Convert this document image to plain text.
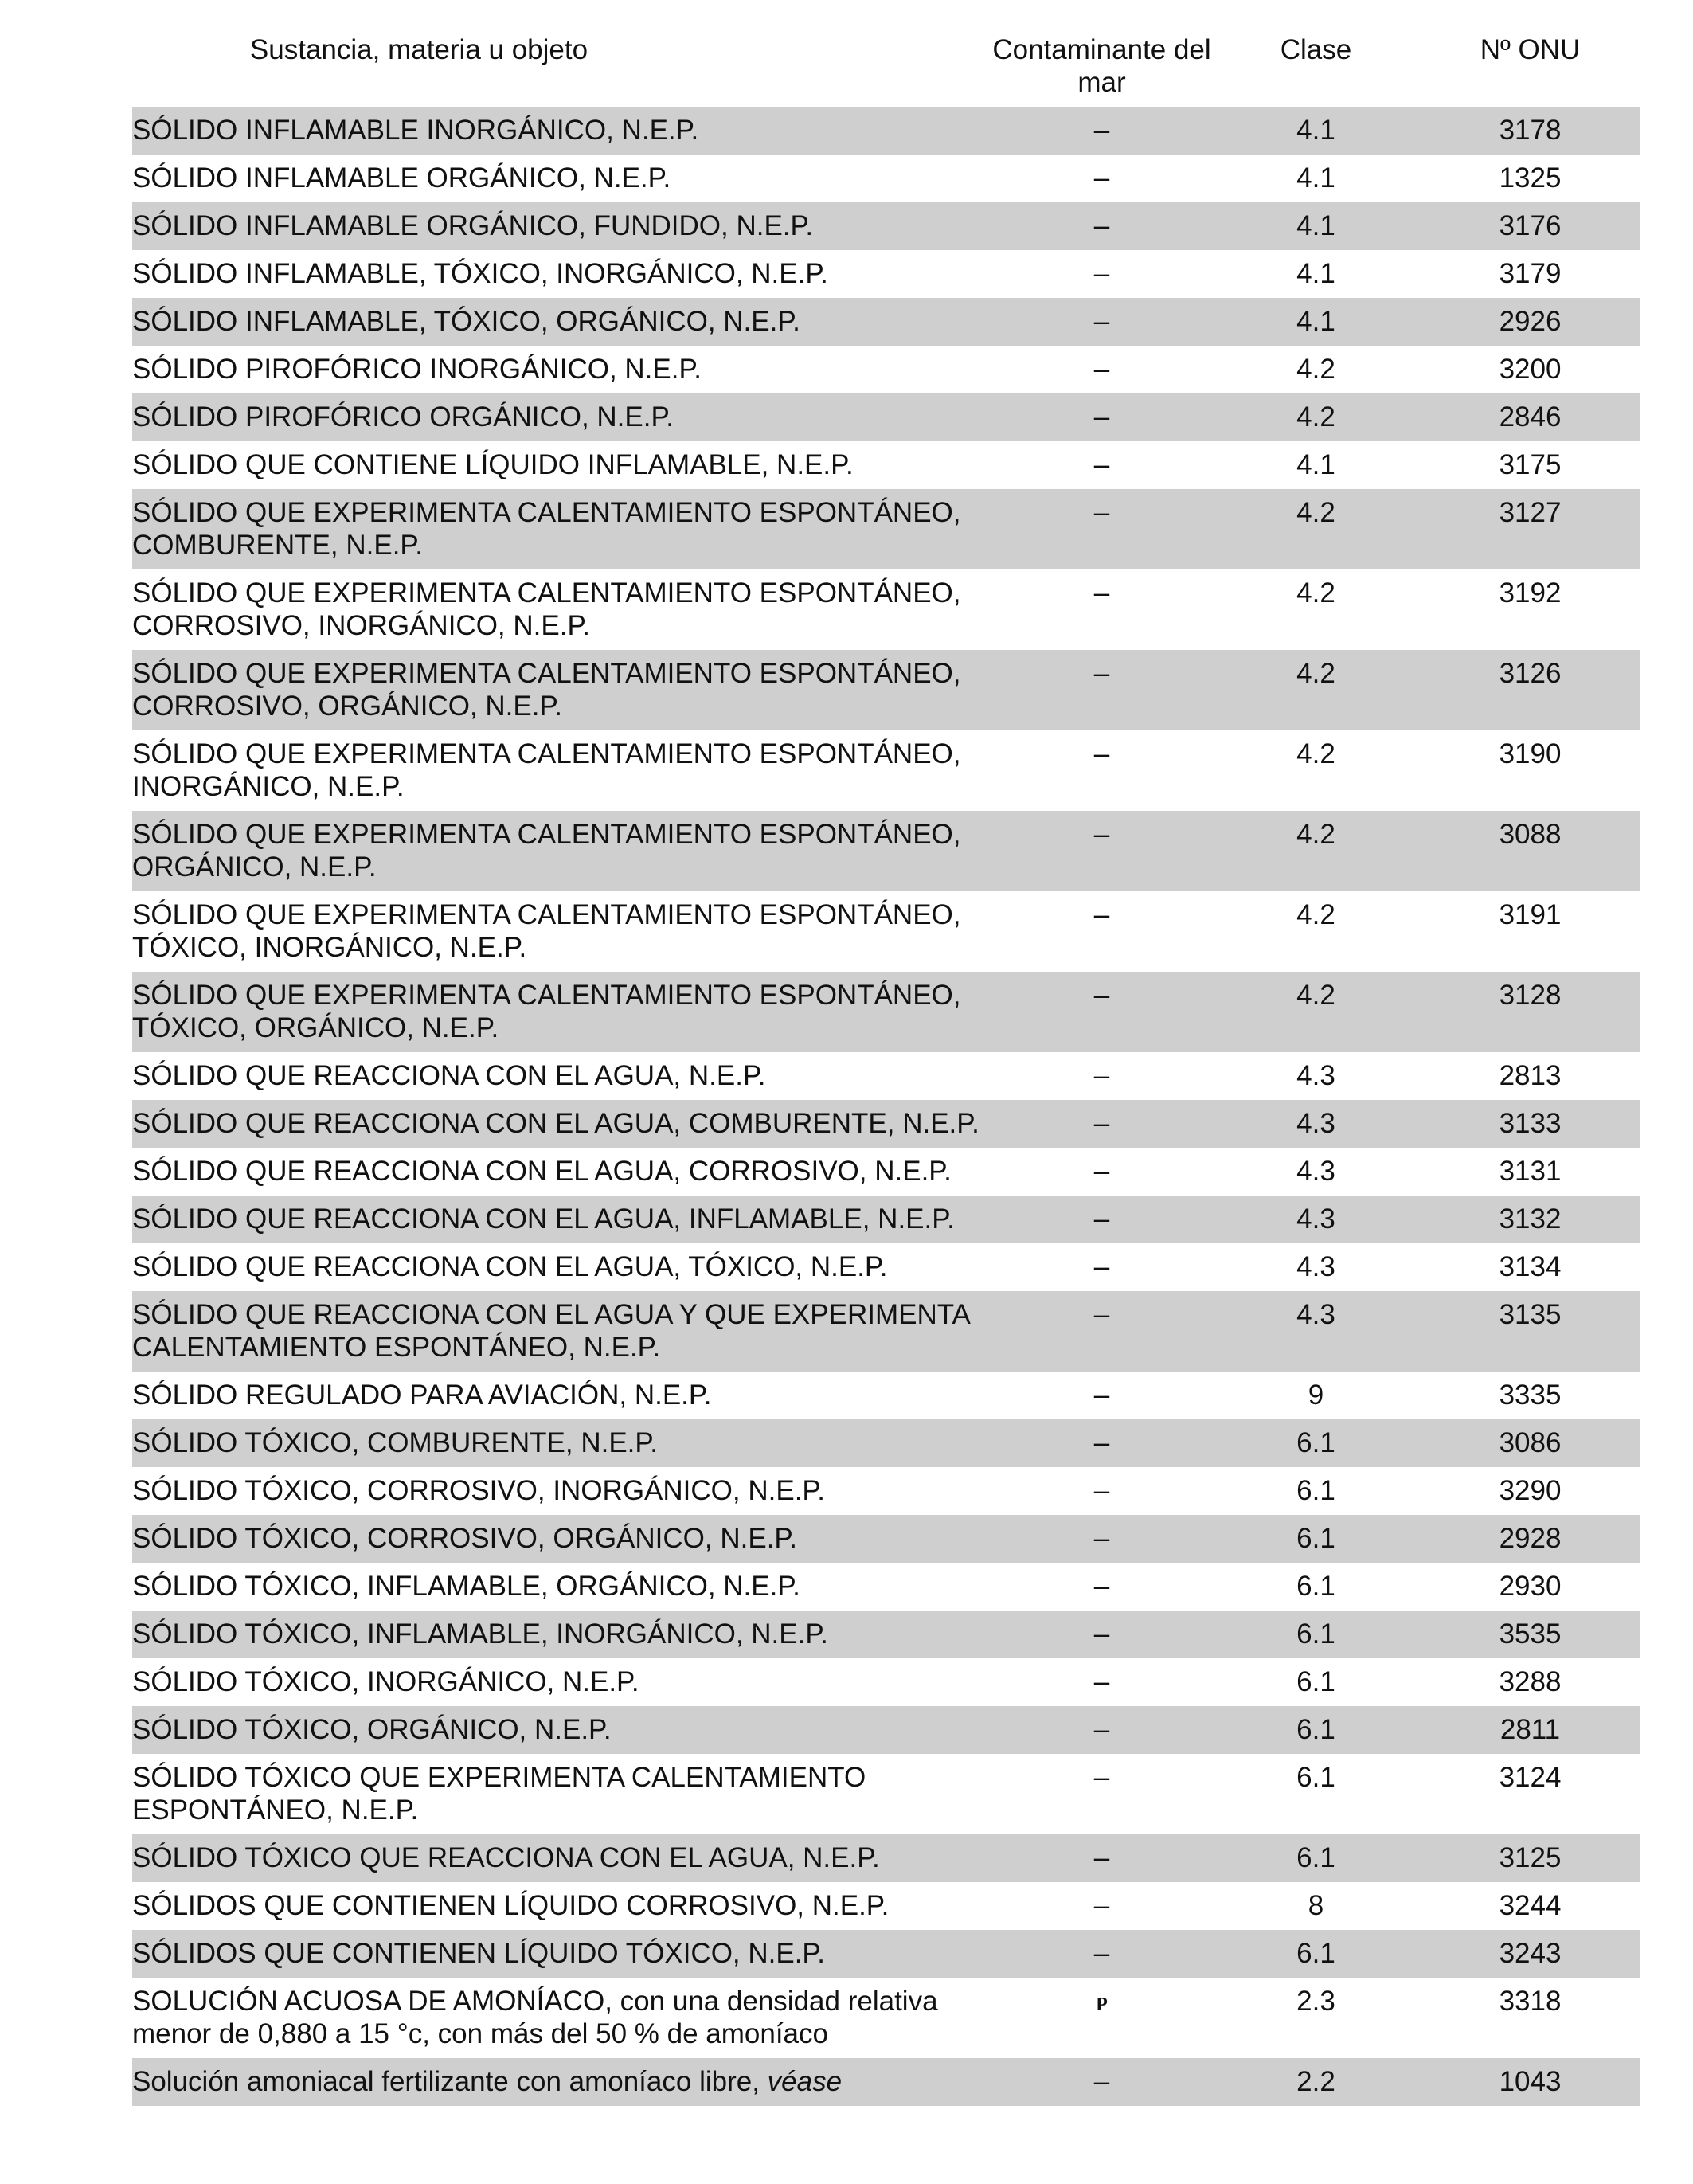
Sustancia, materia u objeto	Contaminante del mar	Clase	Nº ONU
SÓLIDO INFLAMABLE INORGÁNICO, N.E.P.	–	4.1	3178
SÓLIDO INFLAMABLE ORGÁNICO, N.E.P.	–	4.1	1325
SÓLIDO INFLAMABLE ORGÁNICO, FUNDIDO, N.E.P.	–	4.1	3176
SÓLIDO INFLAMABLE, TÓXICO, INORGÁNICO, N.E.P.	–	4.1	3179
SÓLIDO INFLAMABLE, TÓXICO, ORGÁNICO, N.E.P.	–	4.1	2926
SÓLIDO PIROFÓRICO INORGÁNICO, N.E.P.	–	4.2	3200
SÓLIDO PIROFÓRICO ORGÁNICO, N.E.P.	–	4.2	2846
SÓLIDO QUE CONTIENE LÍQUIDO INFLAMABLE, N.E.P.	–	4.1	3175
SÓLIDO QUE EXPERIMENTA CALENTAMIENTO ESPONTÁNEO,
COMBURENTE, N.E.P.	–	4.2	3127
SÓLIDO QUE EXPERIMENTA CALENTAMIENTO ESPONTÁNEO,
CORROSIVO, INORGÁNICO, N.E.P.	–	4.2	3192
SÓLIDO QUE EXPERIMENTA CALENTAMIENTO ESPONTÁNEO,
CORROSIVO, ORGÁNICO, N.E.P.	–	4.2	3126
SÓLIDO QUE EXPERIMENTA CALENTAMIENTO ESPONTÁNEO,
INORGÁNICO, N.E.P.	–	4.2	3190
SÓLIDO QUE EXPERIMENTA CALENTAMIENTO ESPONTÁNEO,
ORGÁNICO, N.E.P.	–	4.2	3088
SÓLIDO QUE EXPERIMENTA CALENTAMIENTO ESPONTÁNEO,
TÓXICO, INORGÁNICO, N.E.P.	–	4.2	3191
SÓLIDO QUE EXPERIMENTA CALENTAMIENTO ESPONTÁNEO,
TÓXICO, ORGÁNICO, N.E.P.	–	4.2	3128
SÓLIDO QUE REACCIONA CON EL AGUA, N.E.P.	–	4.3	2813
SÓLIDO QUE REACCIONA CON EL AGUA, COMBURENTE, N.E.P.	–	4.3	3133
SÓLIDO QUE REACCIONA CON EL AGUA, CORROSIVO, N.E.P.	–	4.3	3131
SÓLIDO QUE REACCIONA CON EL AGUA, INFLAMABLE, N.E.P.	–	4.3	3132
SÓLIDO QUE REACCIONA CON EL AGUA, TÓXICO, N.E.P.	–	4.3	3134
SÓLIDO QUE REACCIONA CON EL AGUA Y QUE EXPERIMENTA
CALENTAMIENTO ESPONTÁNEO, N.E.P.	–	4.3	3135
SÓLIDO REGULADO PARA AVIACIÓN, N.E.P.	–	9	3335
SÓLIDO TÓXICO, COMBURENTE, N.E.P.	–	6.1	3086
SÓLIDO TÓXICO, CORROSIVO, INORGÁNICO, N.E.P.	–	6.1	3290
SÓLIDO TÓXICO, CORROSIVO, ORGÁNICO, N.E.P.	–	6.1	2928
SÓLIDO TÓXICO, INFLAMABLE, ORGÁNICO, N.E.P.	–	6.1	2930
SÓLIDO TÓXICO, INFLAMABLE, INORGÁNICO, N.E.P.	–	6.1	3535
SÓLIDO TÓXICO, INORGÁNICO, N.E.P.	–	6.1	3288
SÓLIDO TÓXICO, ORGÁNICO, N.E.P.	–	6.1	2811
SÓLIDO TÓXICO QUE EXPERIMENTA CALENTAMIENTO
ESPONTÁNEO, N.E.P.	–	6.1	3124
SÓLIDO TÓXICO QUE REACCIONA CON EL AGUA, N.E.P.	–	6.1	3125
SÓLIDOS QUE CONTIENEN LÍQUIDO CORROSIVO, N.E.P.	–	8	3244
SÓLIDOS QUE CONTIENEN LÍQUIDO TÓXICO, N.E.P.	–	6.1	3243
SOLUCIÓN ACUOSA DE AMONÍACO, con una densidad relativa
menor de 0,880 a 15 °c, con más del 50 % de amoníaco	P	2.3	3318
Solución amoniacal fertilizante con amoníaco libre, véase	–	2.2	1043
